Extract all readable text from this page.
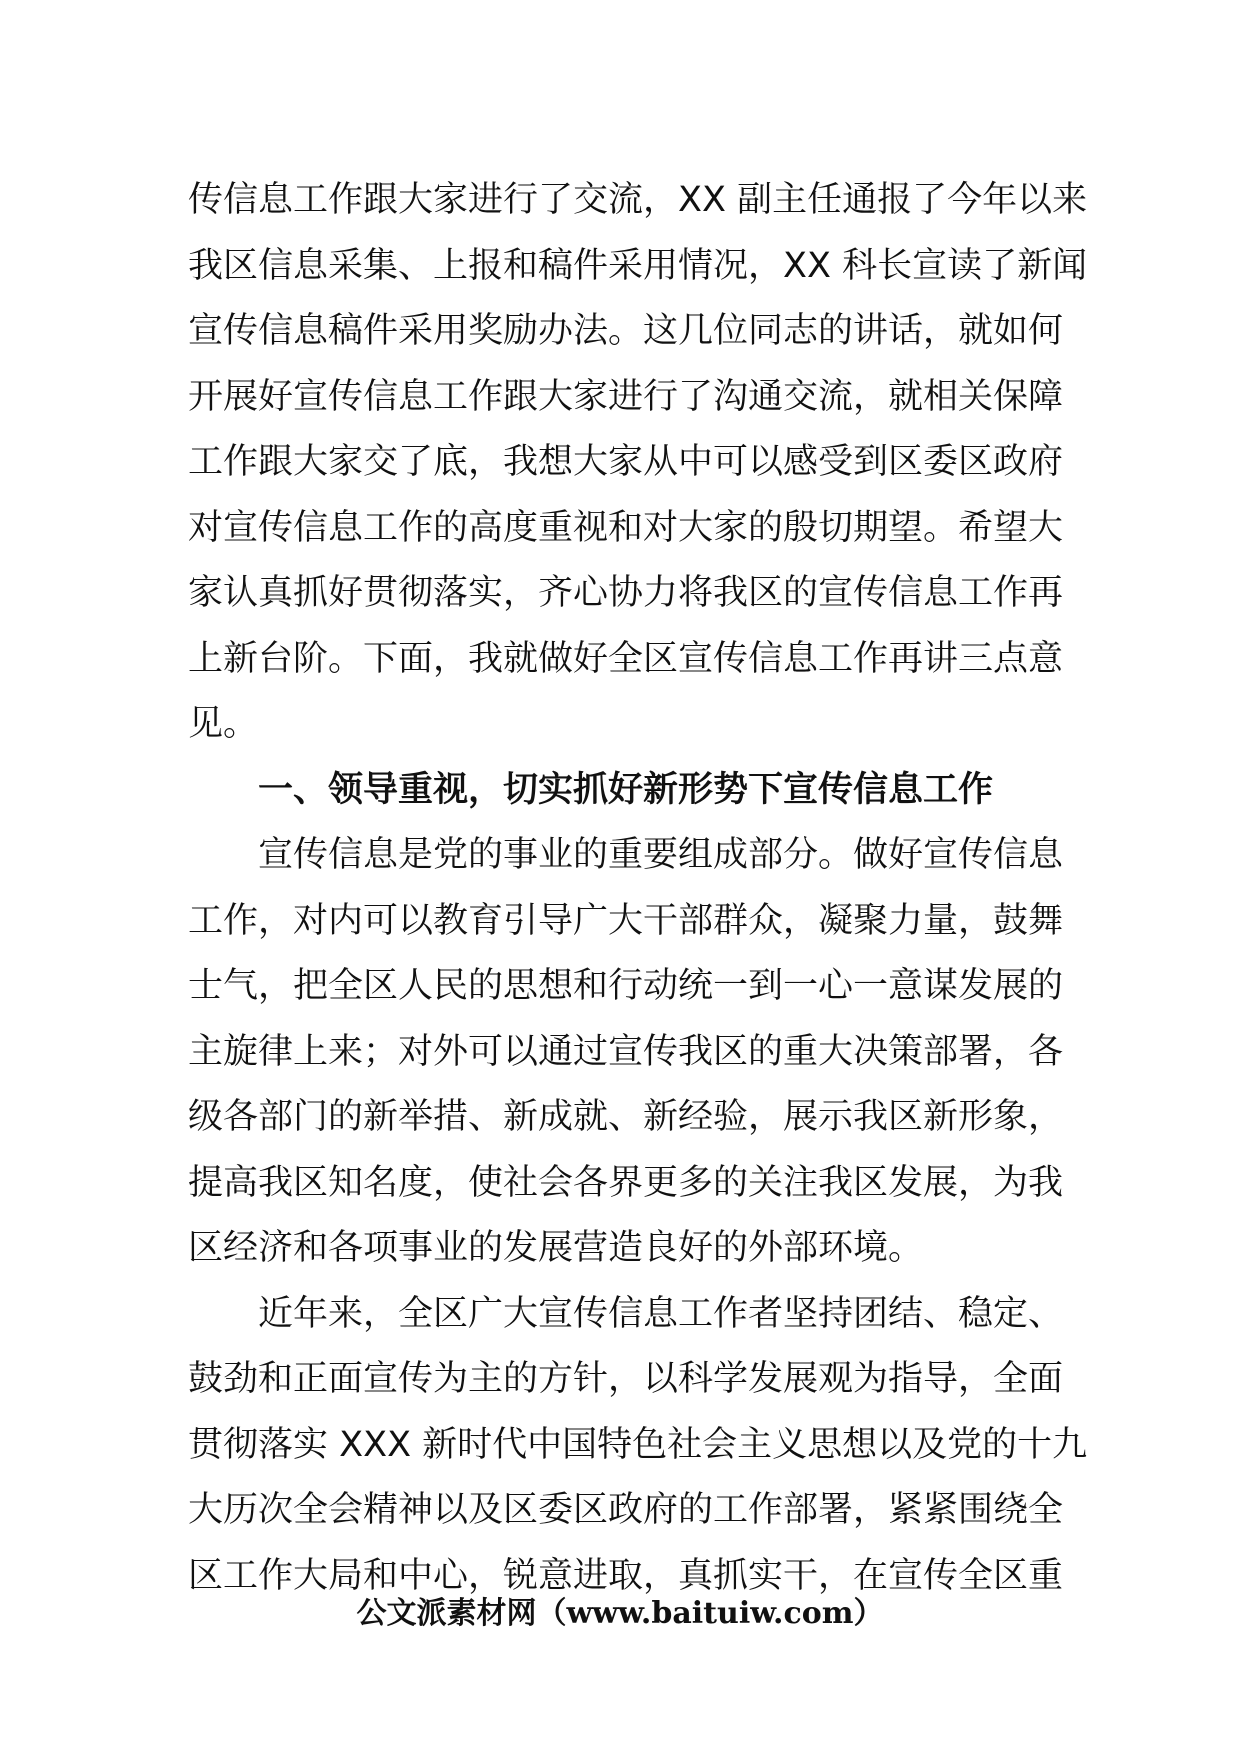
传信息工作跟大家进行了交流，XX 副主任通报了今年以来
我区信息采集、上报和稿件采用情况，XX 科长宣读了新闻
宣传信息稿件采用奖励办法。这几位同志的讲话，就如何
开展好宣传信息工作跟大家进行了沟通交流，就相关保障
工作跟大家交了底，我想大家从中可以感受到区委区政府
对宣传信息工作的高度重视和对大家的殷切期望。希望大
家认真抓好贯彻落实，齐心协力将我区的宣传信息工作再
上新台阶。下面，我就做好全区宣传信息工作再讲三点意
见。
一、领导重视，切实抓好新形势下宣传信息工作
宣传信息是党的事业的重要组成部分。做好宣传信息
工作，对内可以教育引导广大干部群众，凝聚力量，鼓舞
士气，把全区人民的思想和行动统一到一心一意谋发展的
主旋律上来；对外可以通过宣传我区的重大决策部署，各
级各部门的新举措、新成就、新经验，展示我区新形象，
提高我区知名度，使社会各界更多的关注我区发展，为我
区经济和各项事业的发展营造良好的外部环境。
近年来，全区广大宣传信息工作者坚持团结、稳定、
鼓劲和正面宣传为主的方针，以科学发展观为指导，全面
贯彻落实 XXX 新时代中国特色社会主义思想以及党的十九
大历次全会精神以及区委区政府的工作部署，紧紧围绕全
区工作大局和中心，锐意进取，真抓实干，在宣传全区重
公文派素材网（www.baituiw.com）
